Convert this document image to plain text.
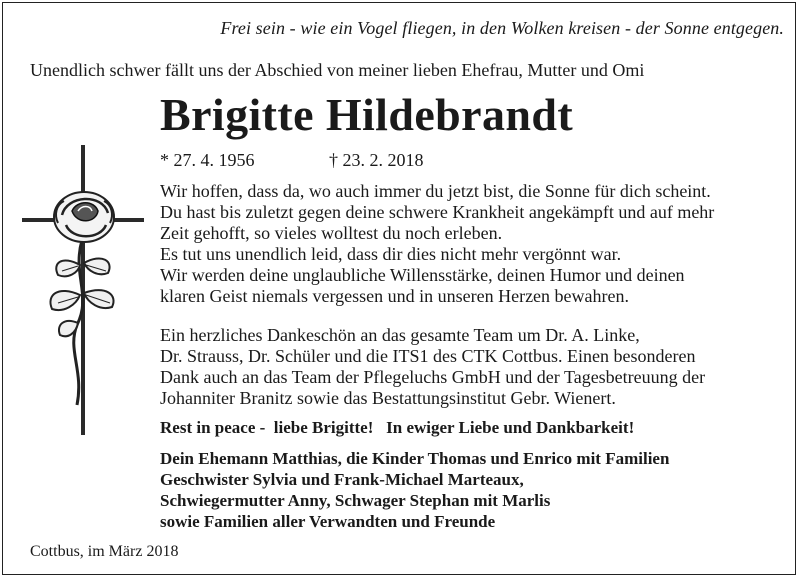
Frei sein - wie ein Vogel fliegen, in den Wolken kreisen - der Sonne entgegen.
Unendlich schwer fällt uns der Abschied von meiner lieben Ehefrau, Mutter und Omi
Brigitte Hildebrandt
* 27. 4. 1956	† 23. 2. 2018

Wir hoffen, dass da, wo auch immer du jetzt bist, die Sonne für dich scheint.
Du hast bis zuletzt gegen deine schwere Krankheit angekämpft und auf mehr
Zeit gehofft, so vieles wolltest du noch erleben.
Es tut uns unendlich leid, dass dir dies nicht mehr vergönnt war.
Wir werden deine unglaubliche Willensstärke, deinen Humor und deinen
klaren Geist niemals vergessen und in unseren Herzen bewahren.

Ein herzliches Dankeschön an das gesamte Team um Dr. A. Linke,
Dr. Strauss, Dr. Schüler und die ITS1 des CTK Cottbus. Einen besonderen
Dank auch an das Team der Pflegeluchs GmbH und der Tagesbetreuung der
Johanniter Branitz sowie das Bestattungsinstitut Gebr. Wienert.

Rest in peace -  liebe Brigitte!   In ewiger Liebe und Dankbarkeit!
Dein Ehemann Matthias, die Kinder Thomas und Enrico mit Familien
Geschwister Sylvia und Frank-Michael Marteaux,
Schwiegermutter Anny, Schwager Stephan mit Marlis
sowie Familien aller Verwandten und Freunde
Cottbus, im März 2018
